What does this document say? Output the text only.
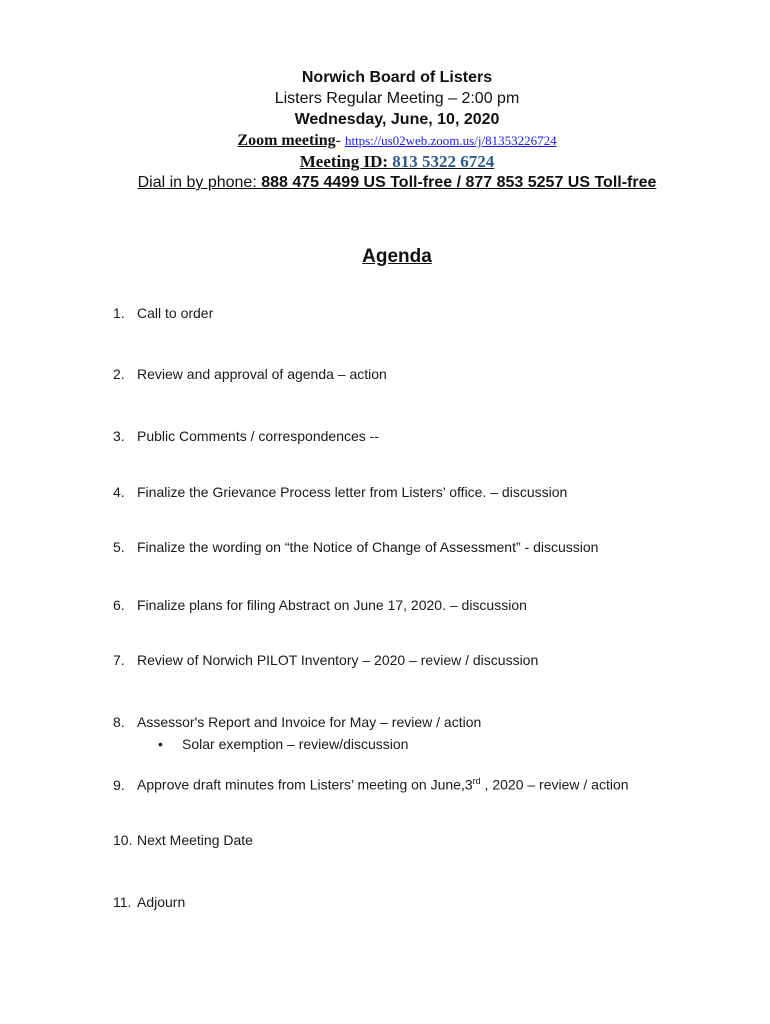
Norwich Board of Listers
Listers Regular Meeting – 2:00 pm
Wednesday, June, 10, 2020
Zoom meeting- https://us02web.zoom.us/j/81353226724
Meeting ID: 813 5322 6724
Dial in by phone: 888 475 4499 US Toll-free / 877 853 5257 US Toll-free
Agenda
1. Call to order
2. Review and approval of agenda – action
3. Public Comments / correspondences --
4. Finalize the Grievance Process letter from Listers’ office. – discussion
5. Finalize the wording on “the Notice of Change of Assessment” - discussion
6. Finalize plans for filing Abstract on June 17, 2020. – discussion
7. Review of Norwich PILOT Inventory – 2020 – review / discussion
8. Assessor's Report and Invoice for May – review / action
• Solar exemption – review/discussion
9. Approve draft minutes from Listers’ meeting on June,3rd , 2020 – review / action
10. Next Meeting Date
11. Adjourn
